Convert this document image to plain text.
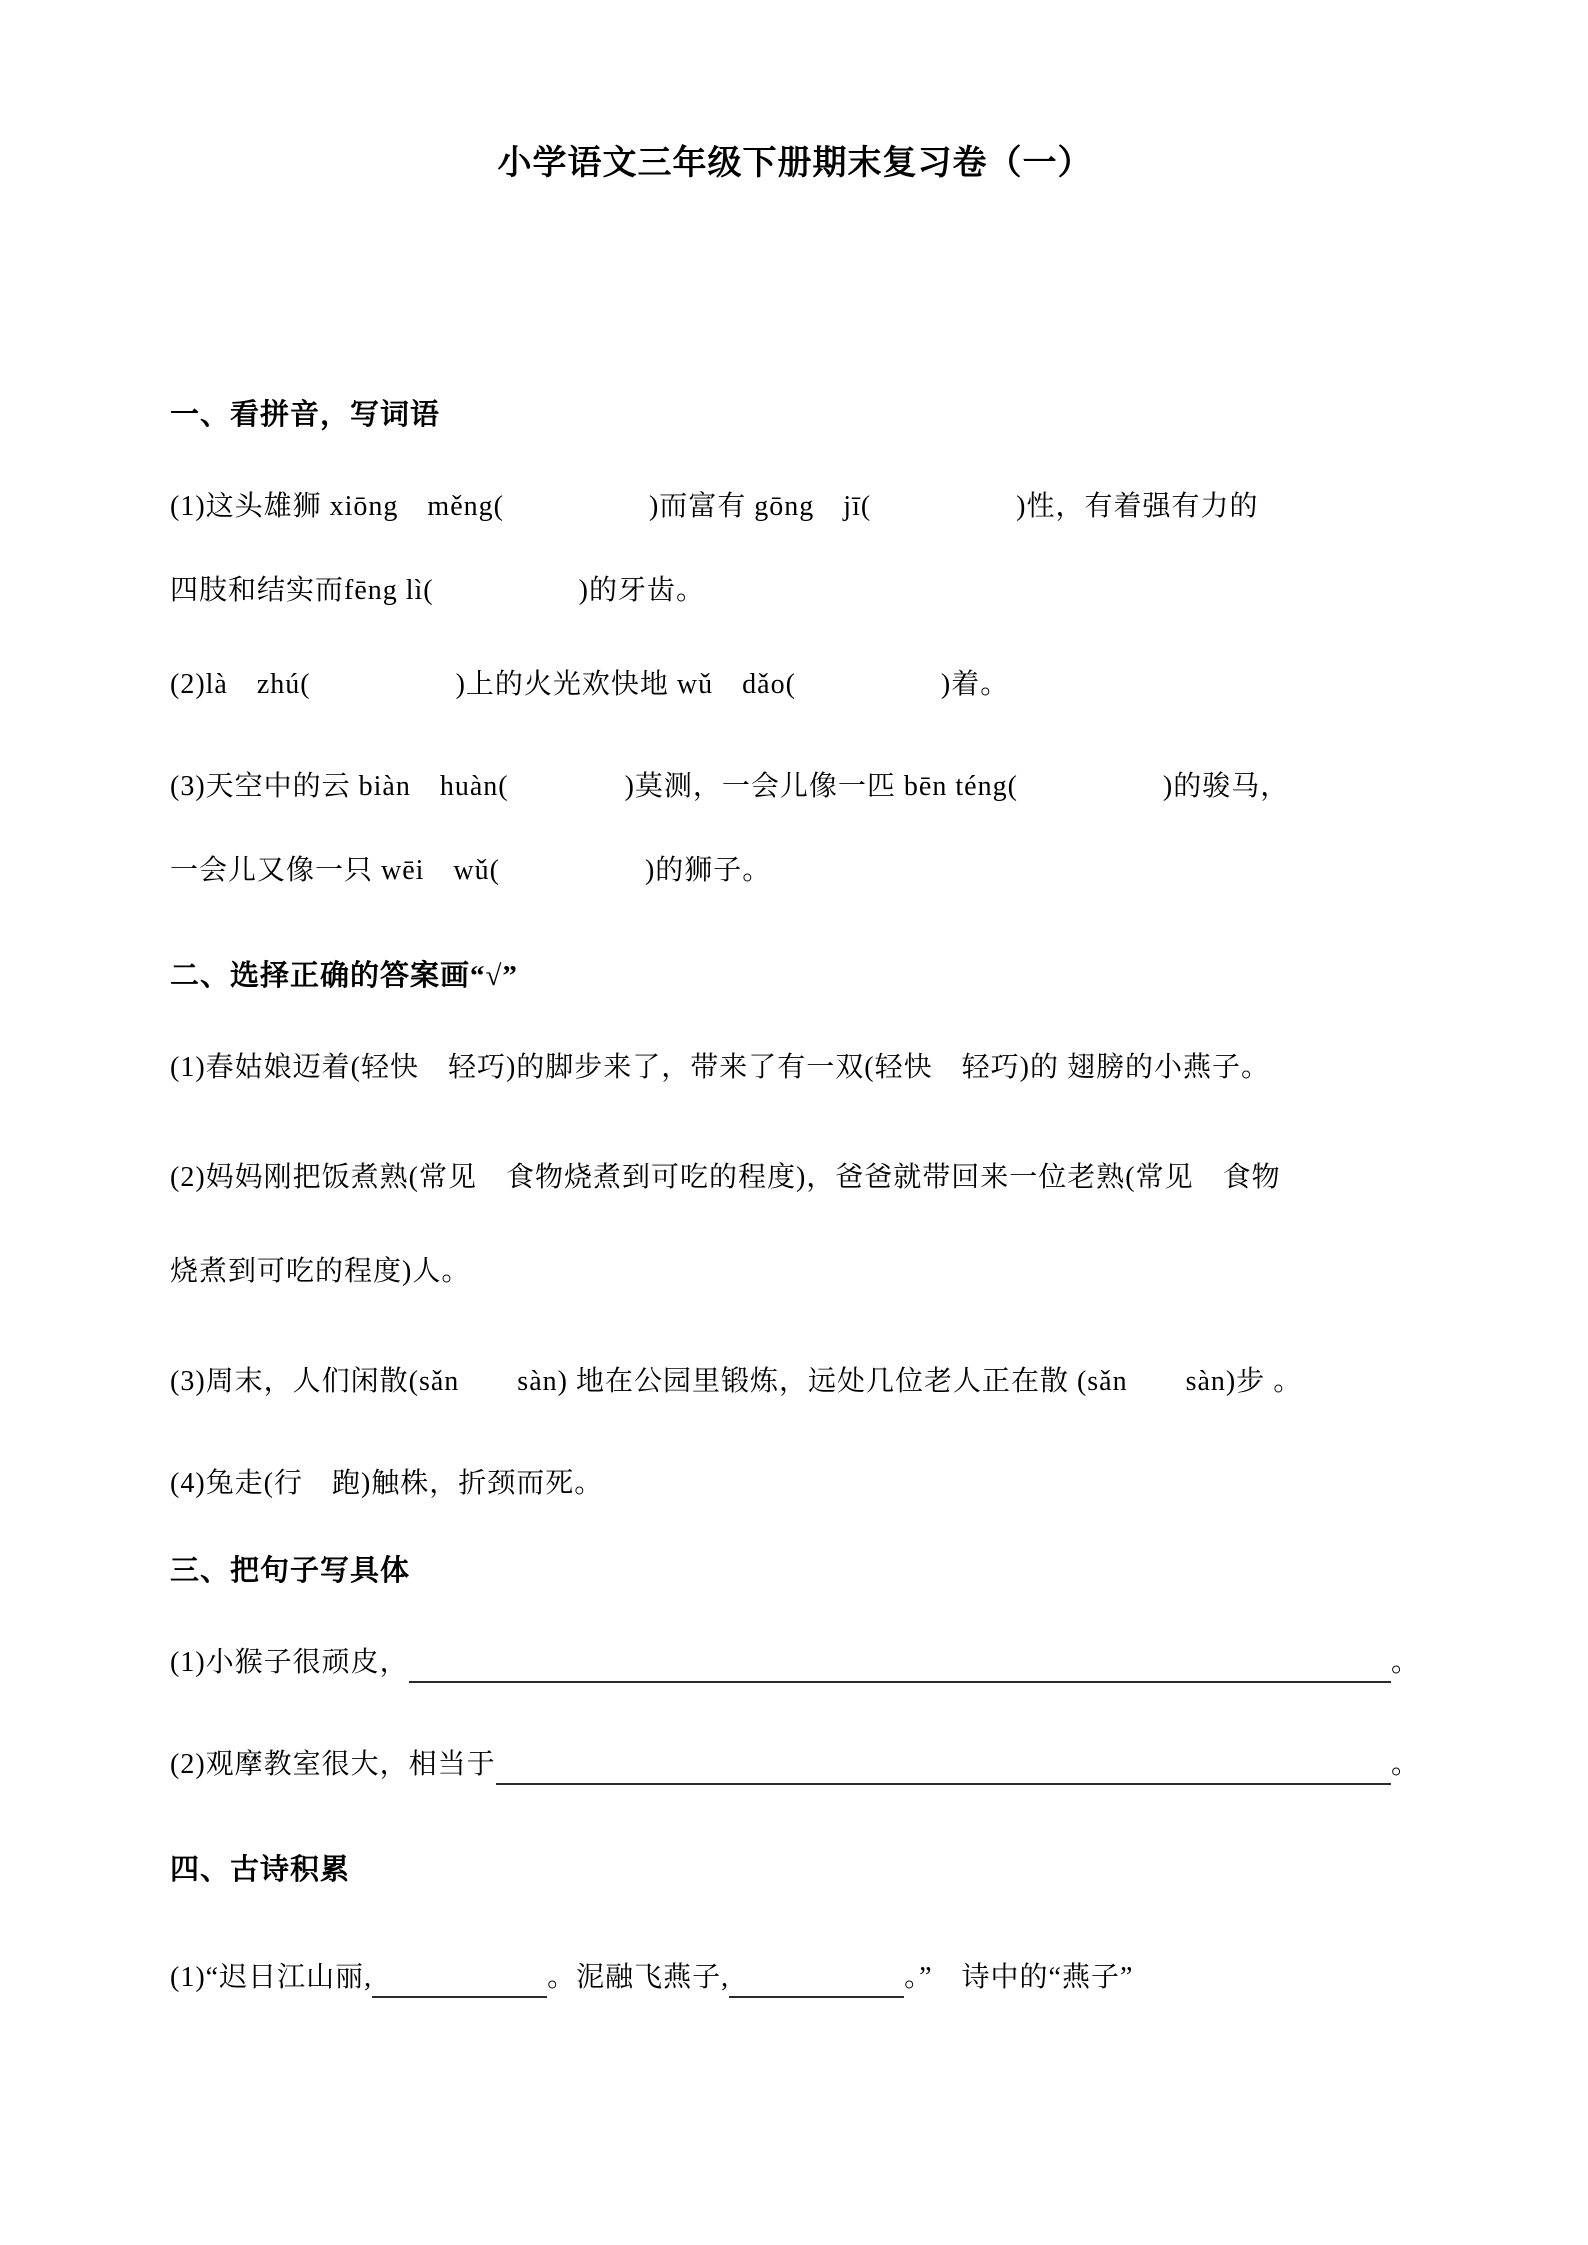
小学语文三年级下册期末复习卷（一）
一、看拼音，写词语

(1)这头雄狮 xiōng　měng(　　　　　)而富有 gōng　jī(　　　　　)性，有着强有力的

四肢和结实而fēng lì(　　　　　)的牙齿。

(2)là　zhú(　　　　　)上的火光欢快地 wǔ　dǎo(　　　　　)着。

(3)天空中的云 biàn　huàn(　　　　)莫测，一会儿像一匹 bēn téng(　　　　　)的骏马，

一会儿又像一只 wēi　wǔ(　　　　　)的狮子。

二、选择正确的答案画“√”

(1)春姑娘迈着(轻快　轻巧)的脚步来了，带来了有一双(轻快　轻巧)的 翅膀的小燕子。

(2)妈妈刚把饭煮熟(常见　食物烧煮到可吃的程度)，爸爸就带回来一位老熟(常见　食物

烧煮到可吃的程度)人。

(3)周末，人们闲散(sǎn　　sàn) 地在公园里锻炼，远处几位老人正在散 (sǎn　　sàn)步 。

(4)兔走(行　跑)触株，折颈而死。

三、把句子写具体
(1)小猴子很顽皮，	。
(2)观摩教室很大，相当于	。
四、古诗积累
(1)“迟日江山丽,	。泥融飞燕子,	。”　诗中的“燕子”
